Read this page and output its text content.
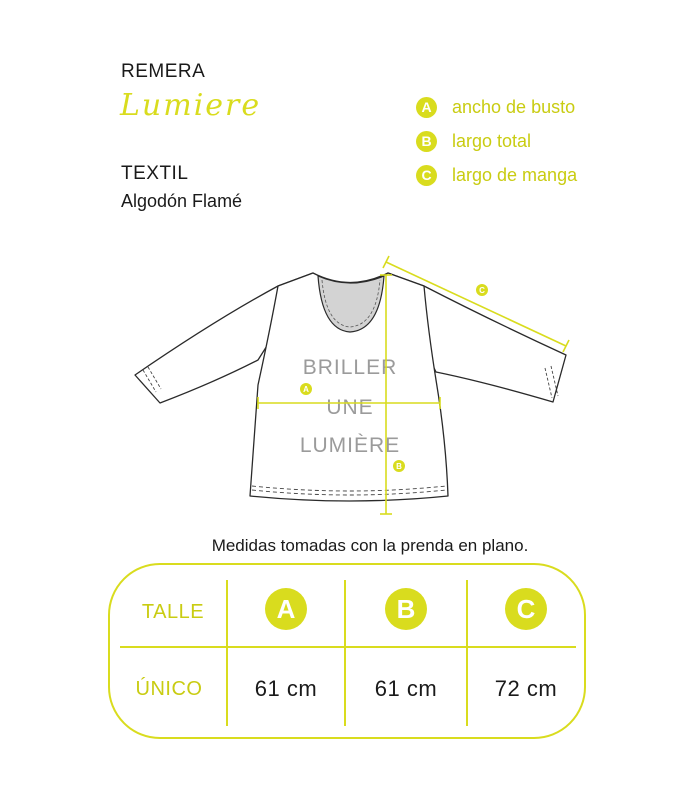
REMERA
Lumiere
TEXTIL
Algodón Flamé
A	ancho de busto
B	largo total
C	largo de manga
BRILLER
UNE
LUMIÈRE
A
B
C
Medidas tomadas con la prenda en plano.
TALLE	A	B	C
ÚNICO	61 cm	61 cm	72 cm
